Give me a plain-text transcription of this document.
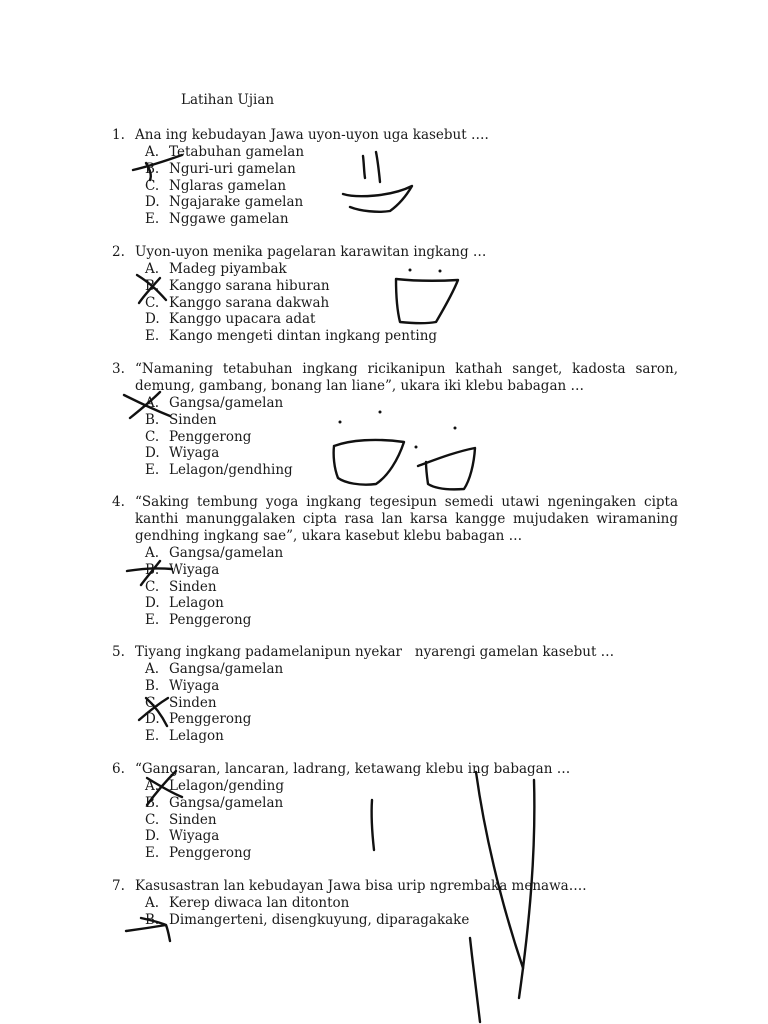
Latihan Ujian
1. Ana ing kebudayan Jawa uyon-uyon uga kasebut ….
A. Tetabuhan gamelan
B. Nguri-uri gamelan
C. Nglaras gamelan
D. Ngajarake gamelan
E. Nggawe gamelan
2. Uyon-uyon menika pagelaran karawitan ingkang …
A. Madeg piyambak
B. Kanggo sarana hiburan
C. Kanggo sarana dakwah
D. Kanggo upacara adat
E. Kango mengeti dintan ingkang penting
3. “Namaning tetabuhan ingkang ricikanipun kathah sanget, kadosta saron, demung, gambang, bonang lan liane”, ukara iki klebu babagan …
A. Gangsa/gamelan
B. Sinden
C. Penggerong
D. Wiyaga
E. Lelagon/gendhing
4. “Saking tembung yoga ingkang tegesipun semedi utawi ngeningaken cipta kanthi manunggalaken cipta rasa lan karsa kangge mujudaken wiramaning gendhing ingkang sae”, ukara kasebut klebu babagan …
A. Gangsa/gamelan
B. Wiyaga
C. Sinden
D. Lelagon
E. Penggerong
5. Tiyang ingkang padamelanipun nyekar   nyarengi gamelan kasebut …
A. Gangsa/gamelan
B. Wiyaga
C. Sinden
D. Penggerong
E. Lelagon
6. “Gangsaran, lancaran, ladrang, ketawang klebu ing babagan …
A. Lelagon/gending
B. Gangsa/gamelan
C. Sinden
D. Wiyaga
E. Penggerong
7. Kasusastran lan kebudayan Jawa bisa urip ngrembaka menawa….
A. Kerep diwaca lan ditonton
B. Dimangerteni, disengkuyung, diparagakake
